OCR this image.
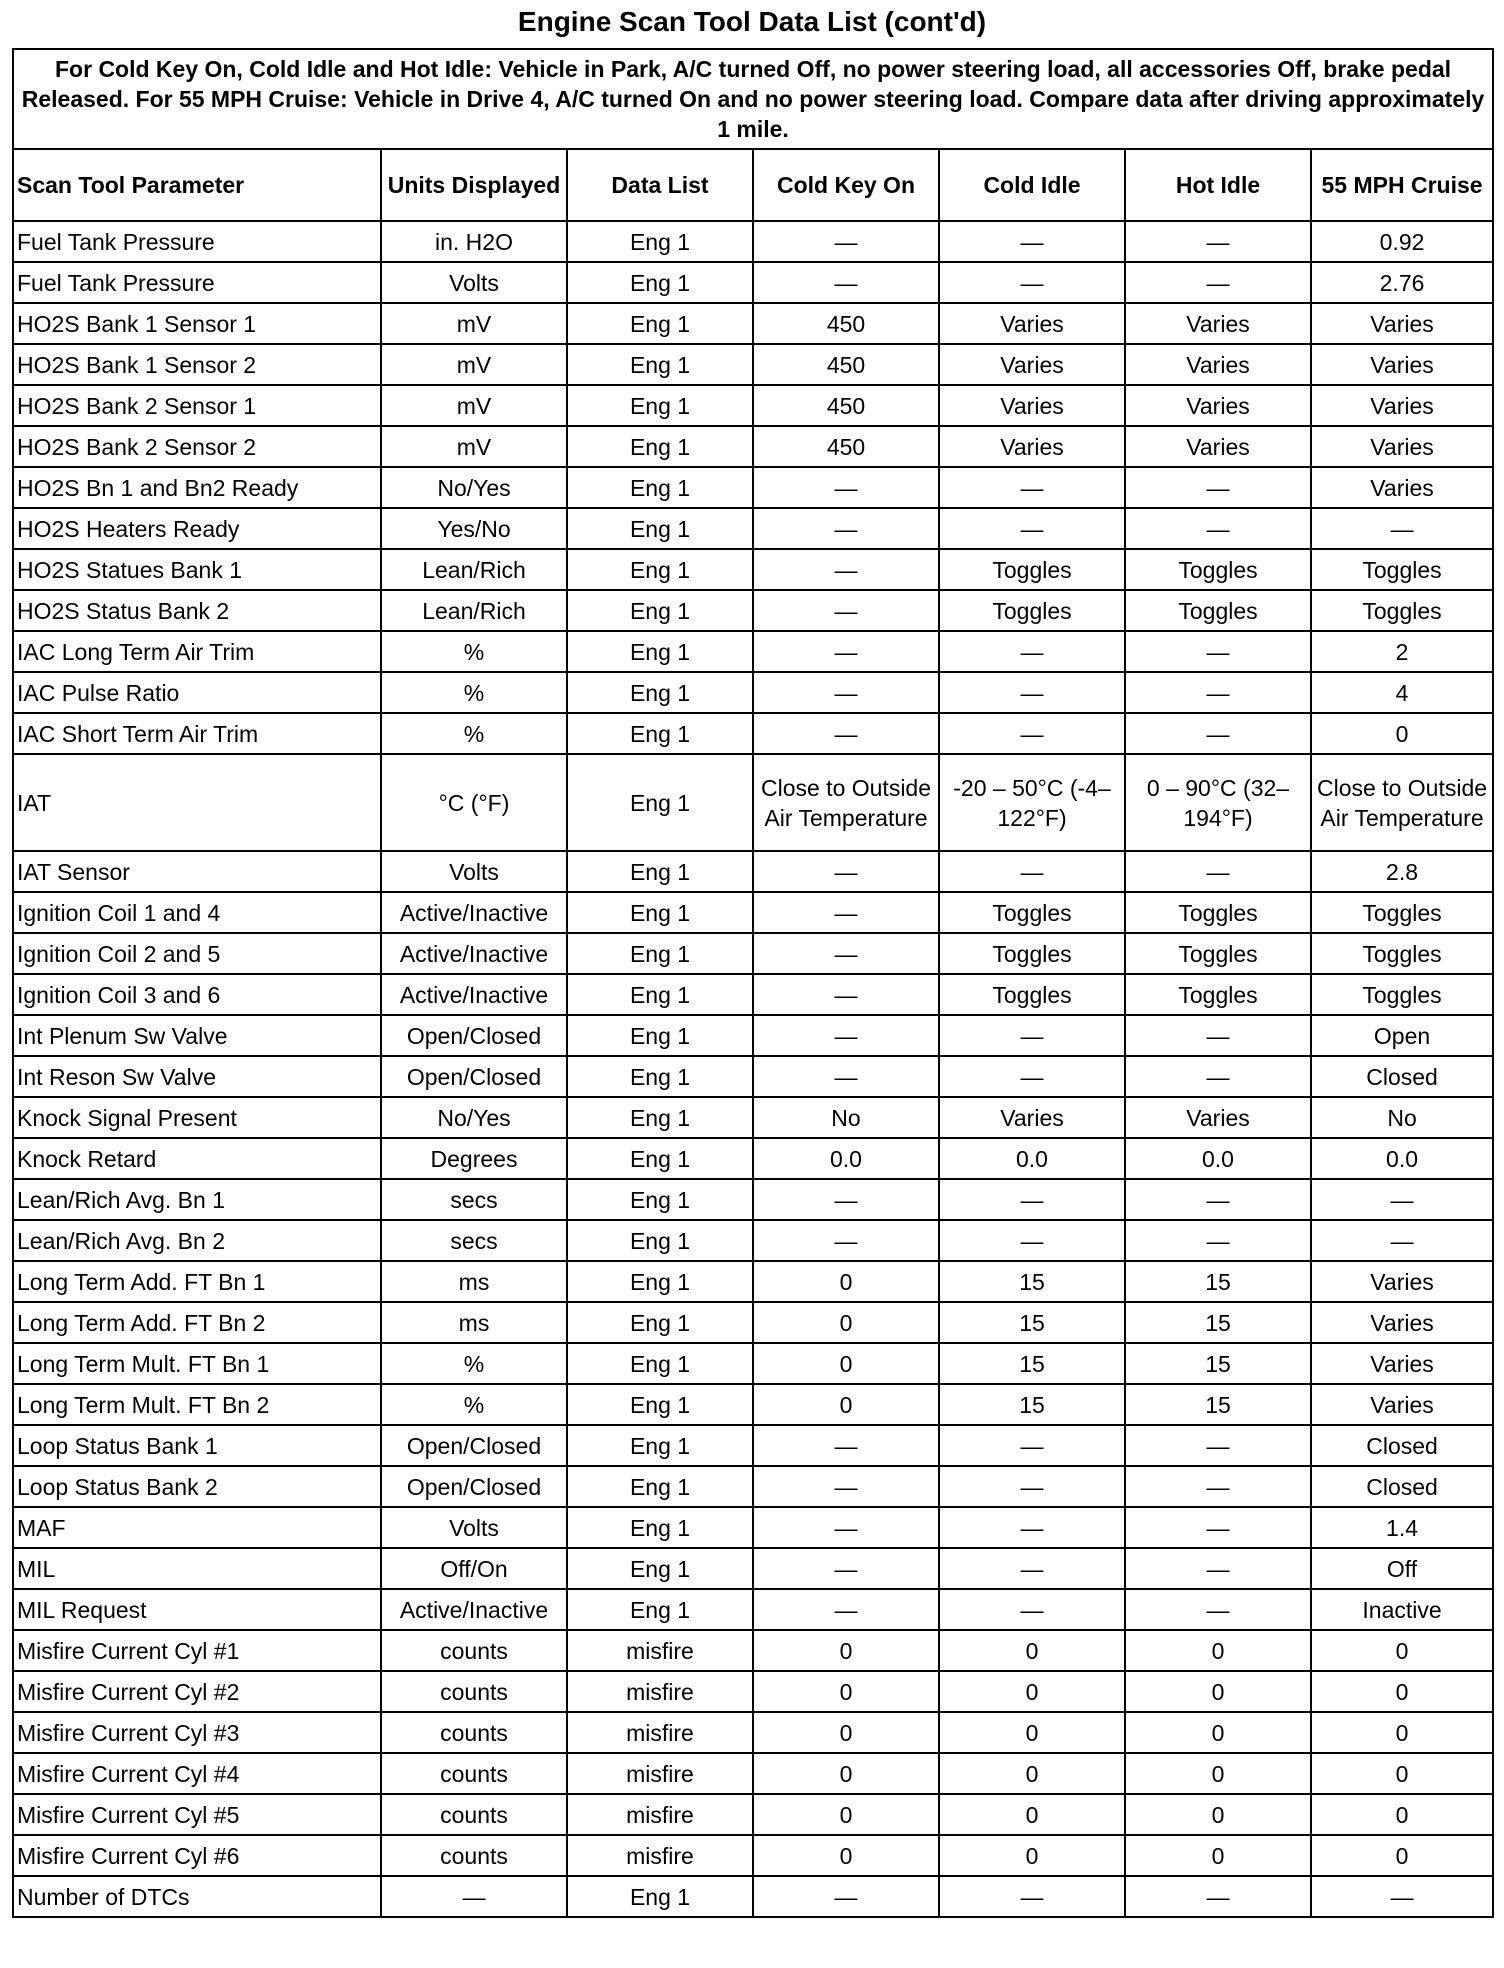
Engine Scan Tool Data List (cont'd)
For Cold Key On, Cold Idle and Hot Idle: Vehicle in Park, A/C turned Off, no power steering load, all accessories Off, brake pedal Released. For 55 MPH Cruise: Vehicle in Drive 4, A/C turned On and no power steering load. Compare data after driving approximately 1 mile.						
Scan Tool Parameter	Units Displayed	Data List	Cold Key On	Cold Idle	Hot Idle	55 MPH Cruise
Fuel Tank Pressure	in. H2O	Eng 1	—	—	—	0.92
Fuel Tank Pressure	Volts	Eng 1	—	—	—	2.76
HO2S Bank 1 Sensor 1	mV	Eng 1	450	Varies	Varies	Varies
HO2S Bank 1 Sensor 2	mV	Eng 1	450	Varies	Varies	Varies
HO2S Bank 2 Sensor 1	mV	Eng 1	450	Varies	Varies	Varies
HO2S Bank 2 Sensor 2	mV	Eng 1	450	Varies	Varies	Varies
HO2S Bn 1 and Bn2 Ready	No/Yes	Eng 1	—	—	—	Varies
HO2S Heaters Ready	Yes/No	Eng 1	—	—	—	—
HO2S Statues Bank 1	Lean/Rich	Eng 1	—	Toggles	Toggles	Toggles
HO2S Status Bank 2	Lean/Rich	Eng 1	—	Toggles	Toggles	Toggles
IAC Long Term Air Trim	%	Eng 1	—	—	—	2
IAC Pulse Ratio	%	Eng 1	—	—	—	4
IAC Short Term Air Trim	%	Eng 1	—	—	—	0
IAT	°C (°F)	Eng 1	Close to Outside Air Temperature	-20 – 50°C (-4–122°F)	0 – 90°C (32–194°F)	Close to Outside Air Temperature
IAT Sensor	Volts	Eng 1	—	—	—	2.8
Ignition Coil 1 and 4	Active/Inactive	Eng 1	—	Toggles	Toggles	Toggles
Ignition Coil 2 and 5	Active/Inactive	Eng 1	—	Toggles	Toggles	Toggles
Ignition Coil 3 and 6	Active/Inactive	Eng 1	—	Toggles	Toggles	Toggles
Int Plenum Sw Valve	Open/Closed	Eng 1	—	—	—	Open
Int Reson Sw Valve	Open/Closed	Eng 1	—	—	—	Closed
Knock Signal Present	No/Yes	Eng 1	No	Varies	Varies	No
Knock Retard	Degrees	Eng 1	0.0	0.0	0.0	0.0
Lean/Rich Avg. Bn 1	secs	Eng 1	—	—	—	—
Lean/Rich Avg. Bn 2	secs	Eng 1	—	—	—	—
Long Term Add. FT Bn 1	ms	Eng 1	0	15	15	Varies
Long Term Add. FT Bn 2	ms	Eng 1	0	15	15	Varies
Long Term Mult. FT Bn 1	%	Eng 1	0	15	15	Varies
Long Term Mult. FT Bn 2	%	Eng 1	0	15	15	Varies
Loop Status Bank 1	Open/Closed	Eng 1	—	—	—	Closed
Loop Status Bank 2	Open/Closed	Eng 1	—	—	—	Closed
MAF	Volts	Eng 1	—	—	—	1.4
MIL	Off/On	Eng 1	—	—	—	Off
MIL Request	Active/Inactive	Eng 1	—	—	—	Inactive
Misfire Current Cyl #1	counts	misfire	0	0	0	0
Misfire Current Cyl #2	counts	misfire	0	0	0	0
Misfire Current Cyl #3	counts	misfire	0	0	0	0
Misfire Current Cyl #4	counts	misfire	0	0	0	0
Misfire Current Cyl #5	counts	misfire	0	0	0	0
Misfire Current Cyl #6	counts	misfire	0	0	0	0
Number of DTCs	—	Eng 1	—	—	—	—
